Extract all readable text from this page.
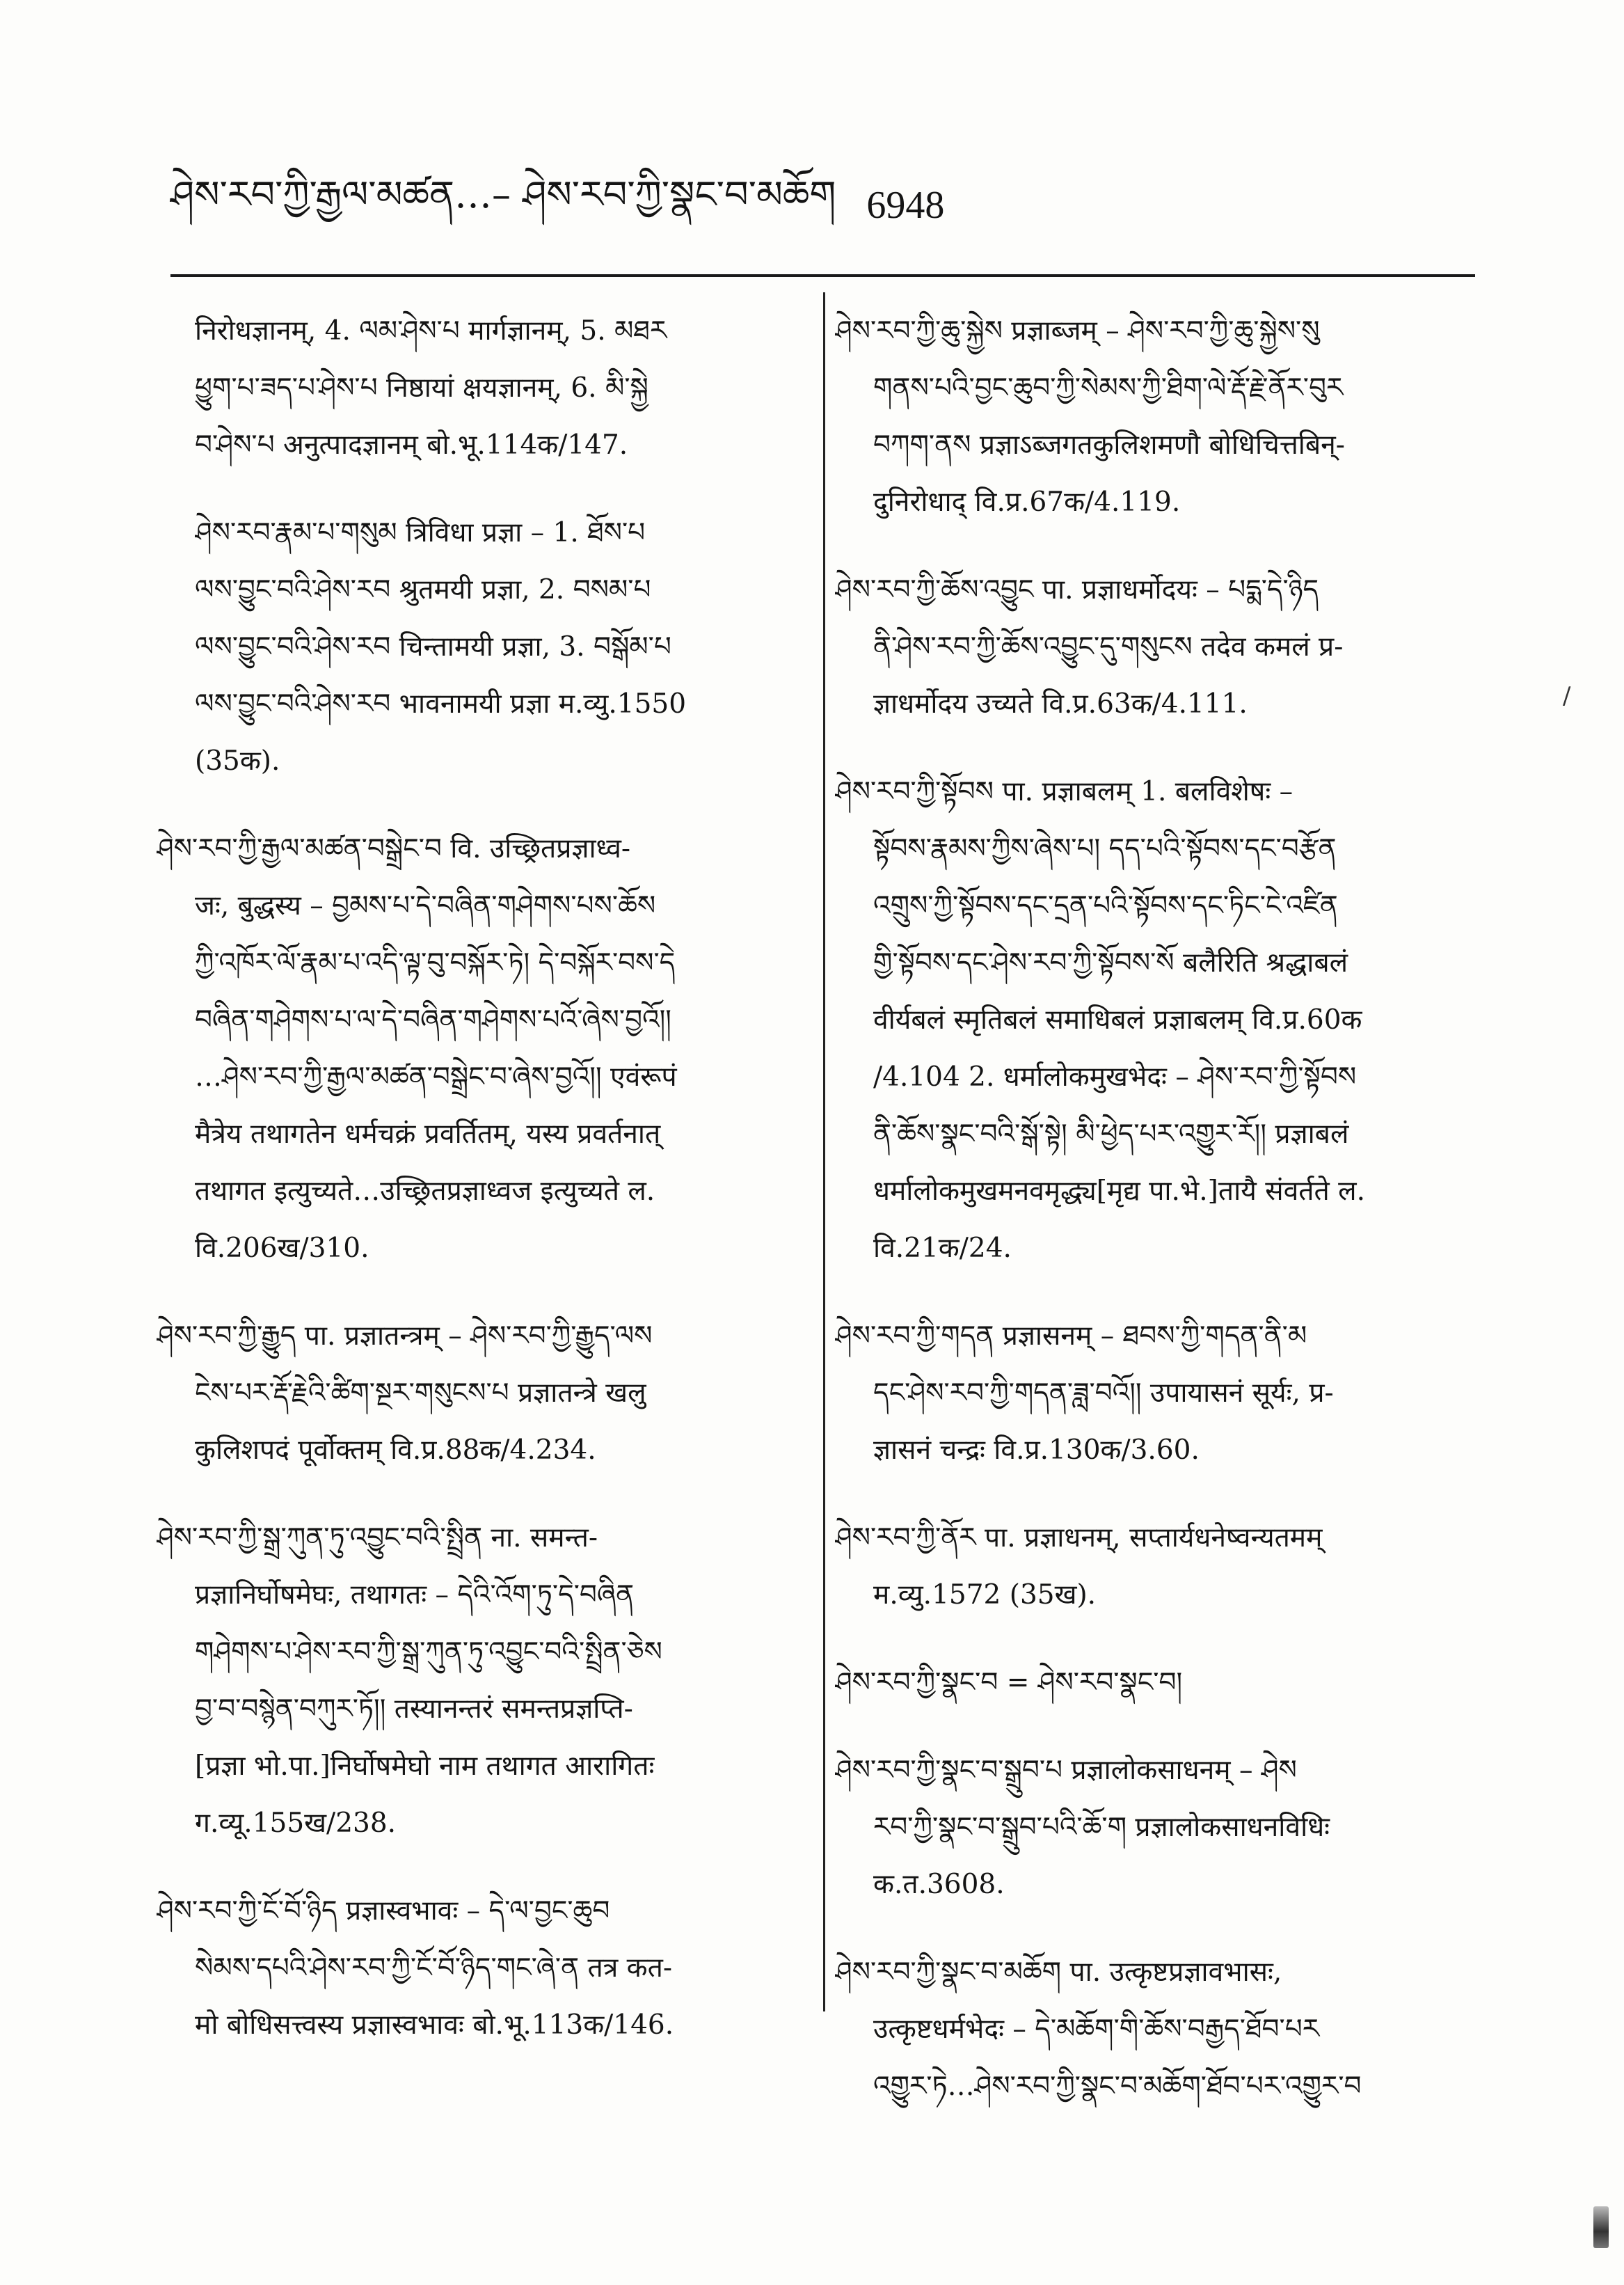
ཤེས་རབ་ཀྱི་རྒྱལ་མཚན…– ཤེས་རབ་ཀྱི་སྣང་བ་མཆོག 6948
निरोधज्ञानम्, 4. ལམ་ཤེས་པ मार्गज्ञानम्, 5. མཐར
ཕྱུག་པ་ཟད་པ་ཤེས་པ निष्ठायां क्षयज्ञानम्, 6. མི་སྐྱེ
བ་ཤེས་པ अनुत्पादज्ञानम् बो.भू.114क/147.
ཤེས་རབ་རྣམ་པ་གསུམ त्रिविधा प्रज्ञा – 1. ཐོས་པ
ལས་བྱུང་བའི་ཤེས་རབ श्रुतमयी प्रज्ञा, 2. བསམ་པ
ལས་བྱུང་བའི་ཤེས་རབ चिन्तामयी प्रज्ञा, 3. བསྒོམ་པ
ལས་བྱུང་བའི་ཤེས་རབ भावनामयी प्रज्ञा म.व्यु.1550
(35क).
ཤེས་རབ་ཀྱི་རྒྱལ་མཚན་བསྒྲེང་བ वि. उच्छ्रितप्रज्ञाध्व-
जः, बुद्धस्य – བྱམས་པ་དེ་བཞིན་གཤེགས་པས་ཆོས
ཀྱི་འཁོར་ལོ་རྣམ་པ་འདི་ལྟ་བུ་བསྐོར་ཏེ། དེ་བསྐོར་བས་དེ
བཞིན་གཤེགས་པ་ལ་དེ་བཞིན་གཤེགས་པའོ་ཞེས་བྱའོ།།
…ཤེས་རབ་ཀྱི་རྒྱལ་མཚན་བསྒྲེང་བ་ཞེས་བྱའོ།། एवंरूपं
मैत्रेय तथागतेन धर्मचक्रं प्रवर्तितम्, यस्य प्रवर्तनात्
तथागत इत्युच्यते…उच्छ्रितप्रज्ञाध्वज इत्युच्यते ल.
वि.206ख/310.
ཤེས་རབ་ཀྱི་རྒྱུད पा. प्रज्ञातन्त्रम् – ཤེས་རབ་ཀྱི་རྒྱུད་ལས
ངེས་པར་རྡོ་རྗེའི་ཚིག་སྔར་གསུངས་པ प्रज्ञातन्त्रे खलु
कुलिशपदं पूर्वोक्तम् वि.प्र.88क/4.234.
ཤེས་རབ་ཀྱི་སྒྲ་ཀུན་ཏུ་འབྱུང་བའི་སྤྲིན ना. समन्त-
प्रज्ञानिर्घोषमेघः, तथागतः – དེའི་འོག་ཏུ་དེ་བཞིན
གཤེགས་པ་ཤེས་རབ་ཀྱི་སྒྲ་ཀུན་ཏུ་འབྱུང་བའི་སྤྲིན་ཅེས
བྱ་བ་བསྙེན་བཀུར་ཏོ།། तस्यानन्तरं समन्तप्रज्ञप्ति-
[प्रज्ञा भो.पा.]निर्घोषमेघो नाम तथागत आरागितः
ग.व्यू.155ख/238.
ཤེས་རབ་ཀྱི་ངོ་བོ་ཉིད प्रज्ञास्वभावः – དེ་ལ་བྱང་ཆུབ
སེམས་དཔའི་ཤེས་རབ་ཀྱི་ངོ་བོ་ཉིད་གང་ཞེ་ན तत्र कत-
मो बोधिसत्त्वस्य प्रज्ञास्वभावः बो.भू.113क/146.
ཤེས་རབ་ཀྱི་ཆུ་སྐྱེས प्रज्ञाब्जम् – ཤེས་རབ་ཀྱི་ཆུ་སྐྱེས་སུ
གནས་པའི་བྱང་ཆུབ་ཀྱི་སེམས་ཀྱི་ཐིག་ལེ་རྡོ་རྗེ་ནོར་བུར
བཀག་ནས प्रज्ञाऽब्जगतकुलिशमणौ बोधिचित्तबिन्-
दुनिरोधाद् वि.प्र.67क/4.119.
ཤེས་རབ་ཀྱི་ཆོས་འབྱུང पा. प्रज्ञाधर्मोदयः – པདྨ་དེ་ཉིད
ནི་ཤེས་རབ་ཀྱི་ཆོས་འབྱུང་དུ་གསུངས तदेव कमलं प्र-
ज्ञाधर्मोदय उच्यते वि.प्र.63क/4.111.
ཤེས་རབ་ཀྱི་སྟོབས पा. प्रज्ञाबलम् 1. बलविशेषः –
སྟོབས་རྣམས་ཀྱིས་ཞེས་པ། དད་པའི་སྟོབས་དང་བརྩོན
འགྲུས་ཀྱི་སྟོབས་དང་དྲན་པའི་སྟོབས་དང་ཏིང་ངེ་འཛིན
གྱི་སྟོབས་དང་ཤེས་རབ་ཀྱི་སྟོབས་སོ बलैरिति श्रद्धाबलं
वीर्यबलं स्मृतिबलं समाधिबलं प्रज्ञाबलम् वि.प्र.60क
/4.104 2. धर्मालोकमुखभेदः – ཤེས་རབ་ཀྱི་སྟོབས
ནི་ཆོས་སྣང་བའི་སྒོ་སྟེ། མི་ཕྱེད་པར་འགྱུར་རོ།། प्रज्ञाबलं
धर्मालोकमुखमनवमृद्ध्य[मृद्य पा.भे.]तायै संवर्तते ल.
वि.21क/24.
ཤེས་རབ་ཀྱི་གདན प्रज्ञासनम् – ཐབས་ཀྱི་གདན་ནི་མ
དང་ཤེས་རབ་ཀྱི་གདན་ཟླ་བའོ།། उपायासनं सूर्यः, प्र-
ज्ञासनं चन्द्रः वि.प्र.130क/3.60.
ཤེས་རབ་ཀྱི་ནོར पा. प्रज्ञाधनम्, सप्तार्यधनेष्वन्यतमम्
म.व्यु.1572 (35ख).
ཤེས་རབ་ཀྱི་སྣང་བ = ཤེས་རབ་སྣང་བ།
ཤེས་རབ་ཀྱི་སྣང་བ་སྒྲུབ་པ प्रज्ञालोकसाधनम् – ཤེས
རབ་ཀྱི་སྣང་བ་སྒྲུབ་པའི་ཆོ་ག प्रज्ञालोकसाधनविधिः
क.त.3608.
ཤེས་རབ་ཀྱི་སྣང་བ་མཆོག पा. उत्कृष्टप्रज्ञावभासः,
उत्कृष्टधर्मभेदः – དེ་མཆོག་གི་ཆོས་བརྒྱད་ཐོབ་པར
འགྱུར་ཏེ…ཤེས་རབ་ཀྱི་སྣང་བ་མཆོག་ཐོབ་པར་འགྱུར་བ
/
